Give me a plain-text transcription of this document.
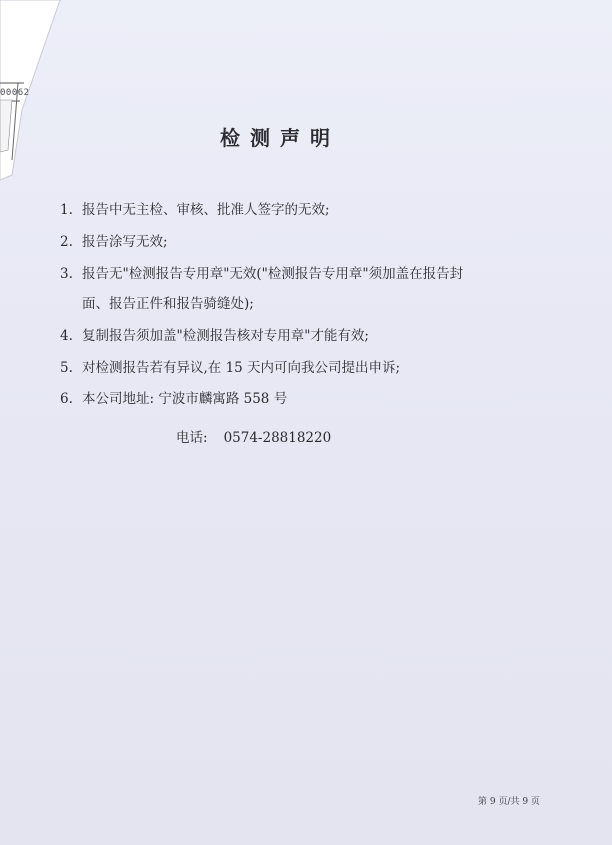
00062
检测声明
1. 报告中无主检、审核、批准人签字的无效;
2. 报告涂写无效;
3. 报告无"检测报告专用章"无效("检测报告专用章"须加盖在报告封
面、报告正件和报告骑缝处);
4. 复制报告须加盖"检测报告核对专用章"才能有效;
5. 对检测报告若有异议,在 15 天内可向我公司提出申诉;
6. 本公司地址: 宁波市麟寓路 558 号
电话: 0574-28818220
第 9 页/共 9 页
